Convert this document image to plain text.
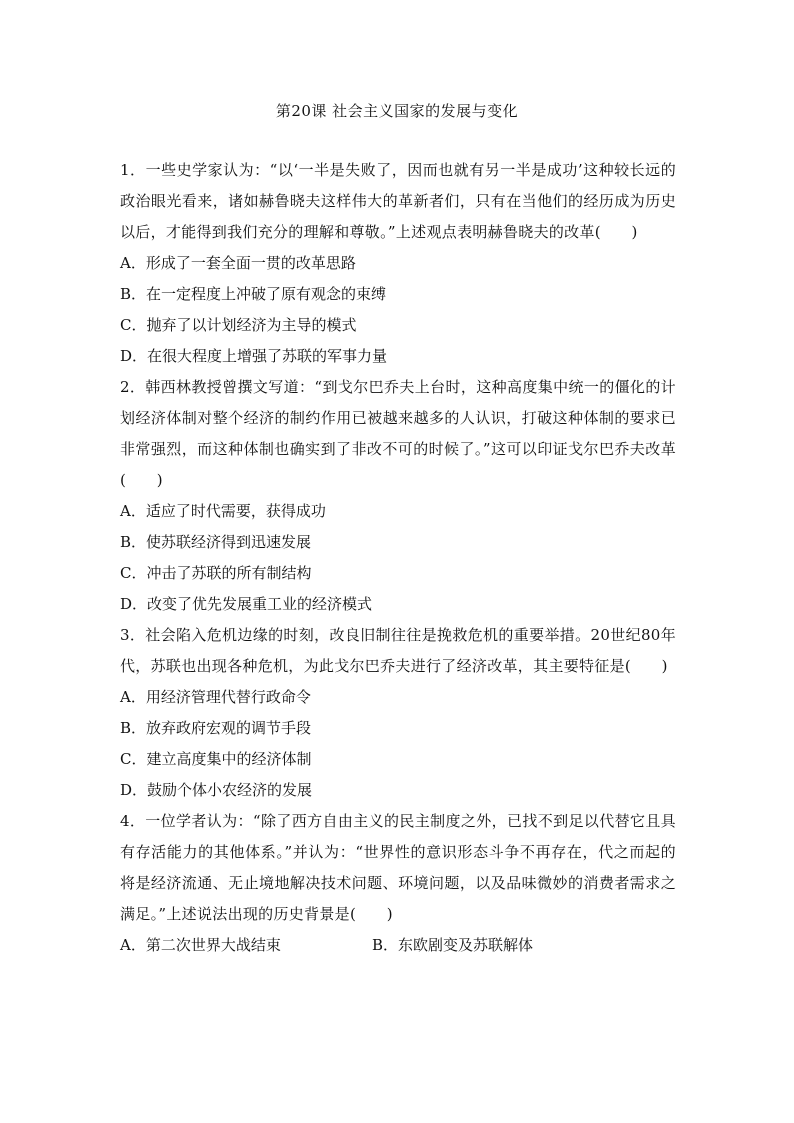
第20课 社会主义国家的发展与变化

1．一些史学家认为：“以‘一半是失败了，因而也就有另一半是成功’这种较长远的政治眼光看来，诸如赫鲁晓夫这样伟大的革新者们，只有在当他们的经历成为历史以后，才能得到我们充分的理解和尊敬。”上述观点表明赫鲁晓夫的改革(　　)

A．形成了一套全面一贯的改革思路

B．在一定程度上冲破了原有观念的束缚

C．抛弃了以计划经济为主导的模式

D．在很大程度上增强了苏联的军事力量

2．韩西林教授曾撰文写道：“到戈尔巴乔夫上台时，这种高度集中统一的僵化的计划经济体制对整个经济的制约作用已被越来越多的人认识，打破这种体制的要求已非常强烈，而这种体制也确实到了非改不可的时候了。”这可以印证戈尔巴乔夫改革(　　)

A．适应了时代需要，获得成功

B．使苏联经济得到迅速发展

C．冲击了苏联的所有制结构

D．改变了优先发展重工业的经济模式

3．社会陷入危机边缘的时刻，改良旧制往往是挽救危机的重要举措。20世纪80年代，苏联也出现各种危机，为此戈尔巴乔夫进行了经济改革，其主要特征是(　　)

A．用经济管理代替行政命令

B．放弃政府宏观的调节手段

C．建立高度集中的经济体制

D．鼓励个体小农经济的发展

4．一位学者认为：“除了西方自由主义的民主制度之外，已找不到足以代替它且具有存活能力的其他体系。”并认为：“世界性的意识形态斗争不再存在，代之而起的将是经济流通、无止境地解决技术问题、环境问题，以及品味微妙的消费者需求之满足。”上述说法出现的历史背景是(　　)

A．第二次世界大战结束	B．东欧剧变及苏联解体
